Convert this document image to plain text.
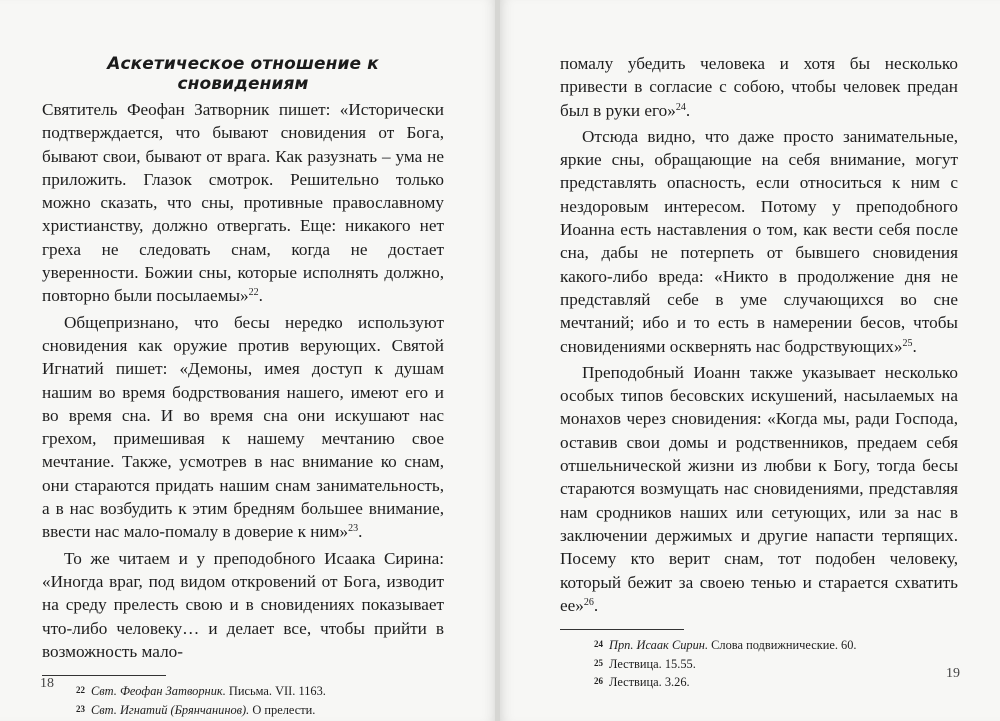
Аскетическое отношение к сновидениям

Святитель Феофан Затворник пишет: «Исторически подтверждается, что бывают сновидения от Бога, бывают свои, бывают от врага. Как разузнать – ума не приложить. Глазок смотрок. Решительно только можно сказать, что сны, противные православному христианству, должно отвергать. Еще: никакого нет греха не следовать снам, когда не достает уверенности. Божии сны, которые исполнять должно, повторно были посылаемы»$^{22}$.

Общепризнано, что бесы нередко используют сновидения как оружие против верующих. Святой Игнатий пишет: «Демоны, имея доступ к душам нашим во время бодрствования нашего, имеют его и во время сна. И во время сна они искушают нас грехом, примешивая к нашему мечтанию свое мечтание. Также, усмотрев в нас внимание ко снам, они стараются придать нашим снам занимательность, а в нас возбудить к этим бредням большее внимание, ввести нас мало-помалу в доверие к ним»$^{23}$.

То же читаем и у преподобного Исаака Сирина: «Иногда враг, под видом откровений от Бога, изводит на среду прелесть свою и в сновидениях показывает что-либо человеку… и делает все, чтобы прийти в возможность мало-

22 Свт. Феофан Затворник. Письма. VII. 1163.

23 Свт. Игнатий (Брянчанинов). О прелести.

18

помалу убедить человека и хотя бы несколько привести в согласие с собою, чтобы человек предан был в руки его»$^{24}$.

Отсюда видно, что даже просто занимательные, яркие сны, обращающие на себя внимание, могут представлять опасность, если относиться к ним с нездоровым интересом. Потому у преподобного Иоанна есть наставления о том, как вести себя после сна, дабы не потерпеть от бывшего сновидения какого-либо вреда: «Никто в продолжение дня не представляй себе в уме случающихся во сне мечтаний; ибо и то есть в намерении бесов, чтобы сновидениями осквернять нас бодрствующих»$^{25}$.

Преподобный Иоанн также указывает несколько особых типов бесовских искушений, насылаемых на монахов через сновидения: «Когда мы, ради Господа, оставив свои домы и родственников, предаем себя отшельнической жизни из любви к Богу, тогда бесы стараются возмущать нас сновидениями, представляя нам сродников наших или сетующих, или за нас в заключении держимых и другие напасти терпящих. Посему кто верит снам, тот подобен человеку, который бежит за своею тенью и старается схватить ее»$^{26}$.

24 Прп. Исаак Сирин. Слова подвижнические. 60.

25 Лествица. 15.55.

26 Лествица. 3.26.

19
